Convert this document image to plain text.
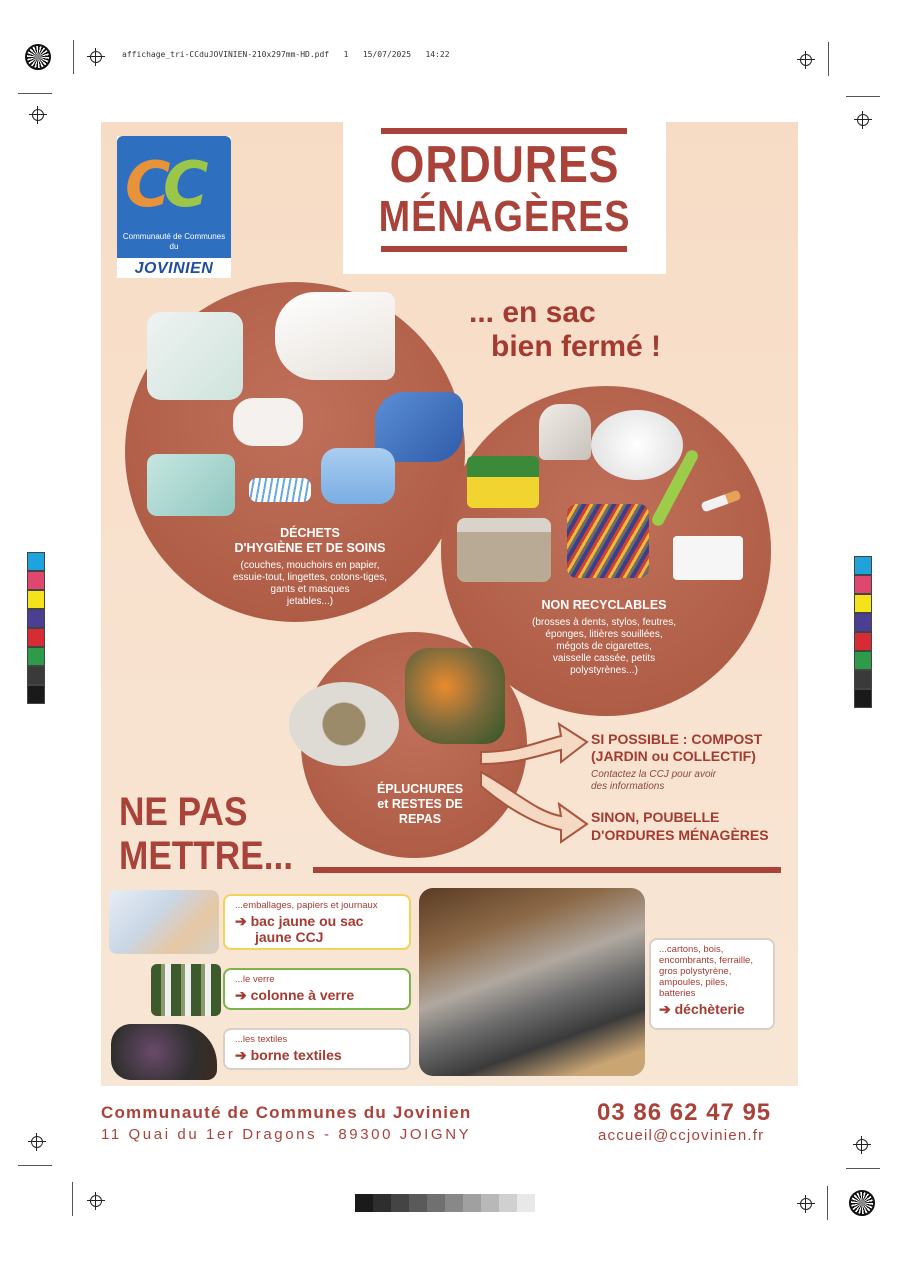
affichage_tri-CCduJOVINIEN-210x297mm-HD.pdf 1 15/07/2025 14:22
C
C
Communauté de Communes
du
JOVINIEN
ORDURES
MÉNAGÈRES
... en sac
bien fermé !
DÉCHETS
D'HYGIÈNE ET DE SOINS
(couches, mouchoirs en papier,
essuie-tout, lingettes, cotons-tiges,
gants et masques
jetables...)	NON RECYCLABLES
(brosses à dents, stylos, feutres,
éponges, litières souillées,
mégots de cigarettes,
vaisselle cassée, petits
polystyrènes...)
ÉPLUCHURES
et RESTES DE
REPAS
SI POSSIBLE : COMPOST
(JARDIN ou COLLECTIF)
Contactez la CCJ pour avoir
des informations
SINON, POUBELLE
D'ORDURES MÉNAGÈRES
NE PAS
METTRE...
...emballages, papiers et journaux
➔ bac jaune ou sac
jaune CCJ
...le verre
➔ colonne à verre
...les textiles
➔ borne textiles
...cartons, bois,
encombrants, ferraille,
gros polystyrène,
ampoules, piles,
batteries
➔ déchèterie
Communauté de Communes du Jovinien
11 Quai du 1er Dragons - 89300 JOIGNY
03 86 62 47 95
accueil@ccjovinien.fr
